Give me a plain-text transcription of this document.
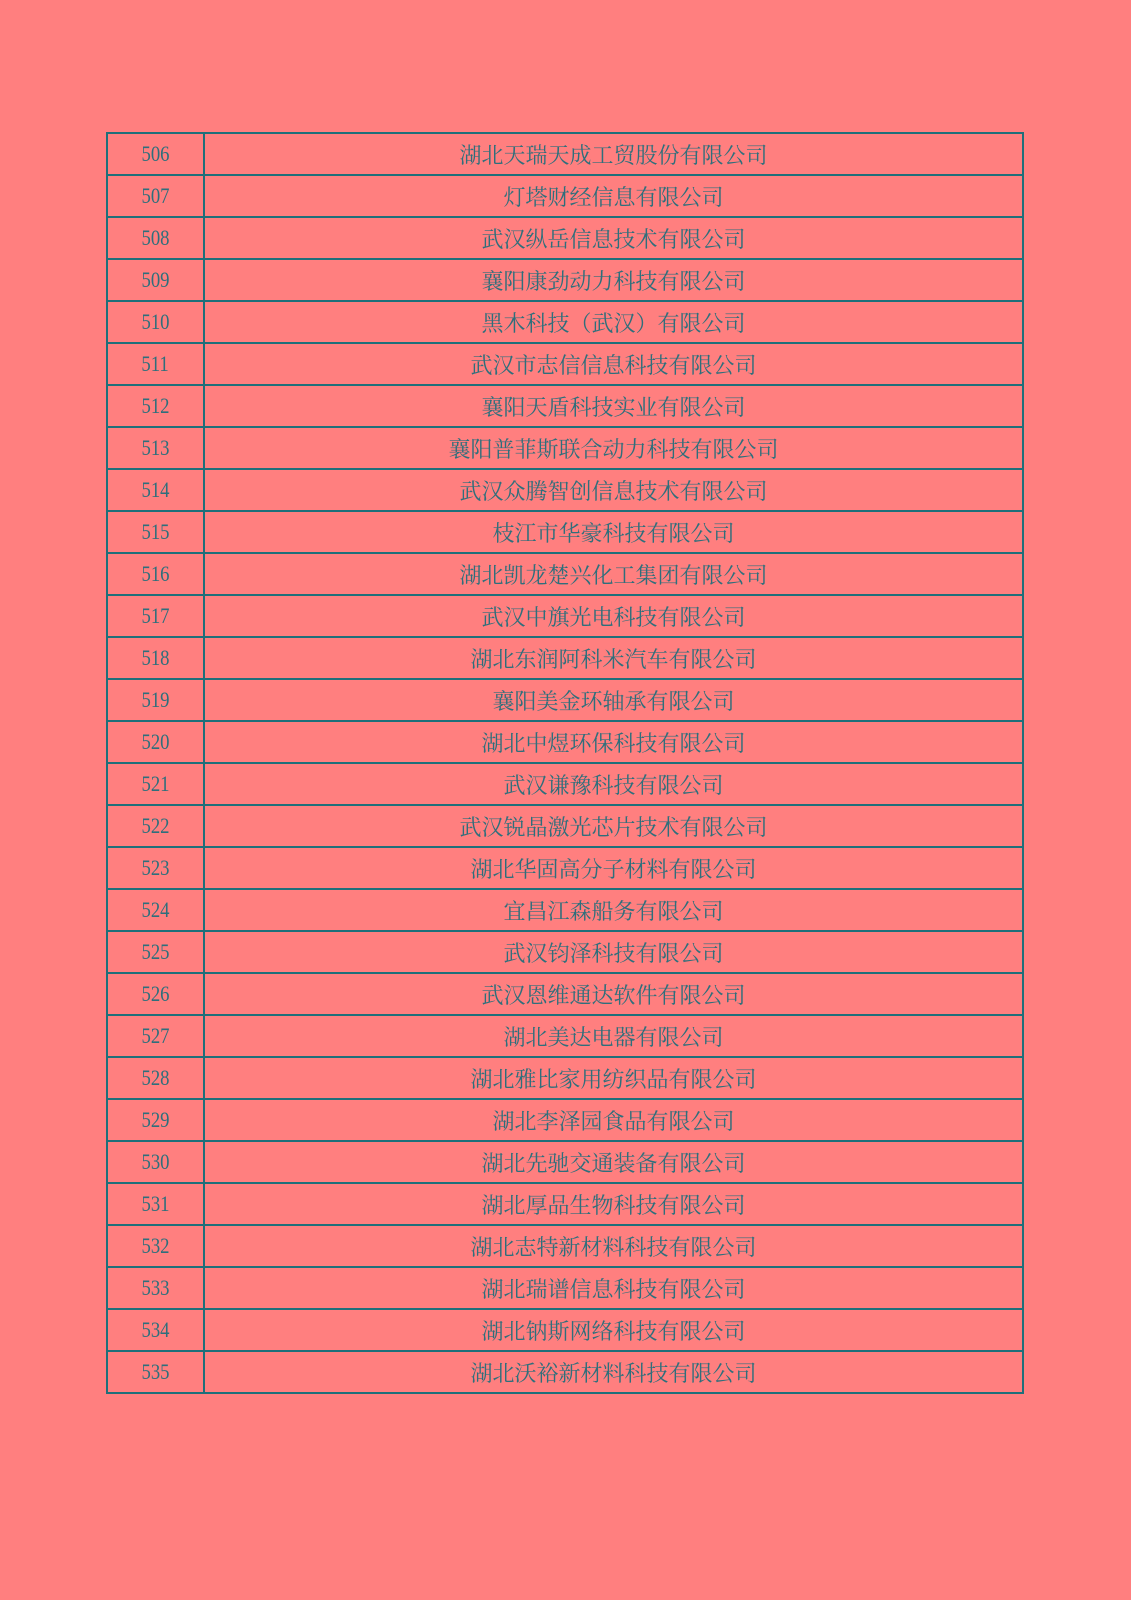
506	湖北天瑞天成工贸股份有限公司
507	灯塔财经信息有限公司
508	武汉纵岳信息技术有限公司
509	襄阳康劲动力科技有限公司
510	黑木科技（武汉）有限公司
511	武汉市志信信息科技有限公司
512	襄阳天盾科技实业有限公司
513	襄阳普菲斯联合动力科技有限公司
514	武汉众腾智创信息技术有限公司
515	枝江市华豪科技有限公司
516	湖北凯龙楚兴化工集团有限公司
517	武汉中旗光电科技有限公司
518	湖北东润阿科米汽车有限公司
519	襄阳美金环轴承有限公司
520	湖北中煜环保科技有限公司
521	武汉谦豫科技有限公司
522	武汉锐晶激光芯片技术有限公司
523	湖北华固高分子材料有限公司
524	宜昌江森船务有限公司
525	武汉钧泽科技有限公司
526	武汉恩维通达软件有限公司
527	湖北美达电器有限公司
528	湖北雅比家用纺织品有限公司
529	湖北李泽园食品有限公司
530	湖北先驰交通装备有限公司
531	湖北厚品生物科技有限公司
532	湖北志特新材料科技有限公司
533	湖北瑞谱信息科技有限公司
534	湖北钠斯网络科技有限公司
535	湖北沃裕新材料科技有限公司
